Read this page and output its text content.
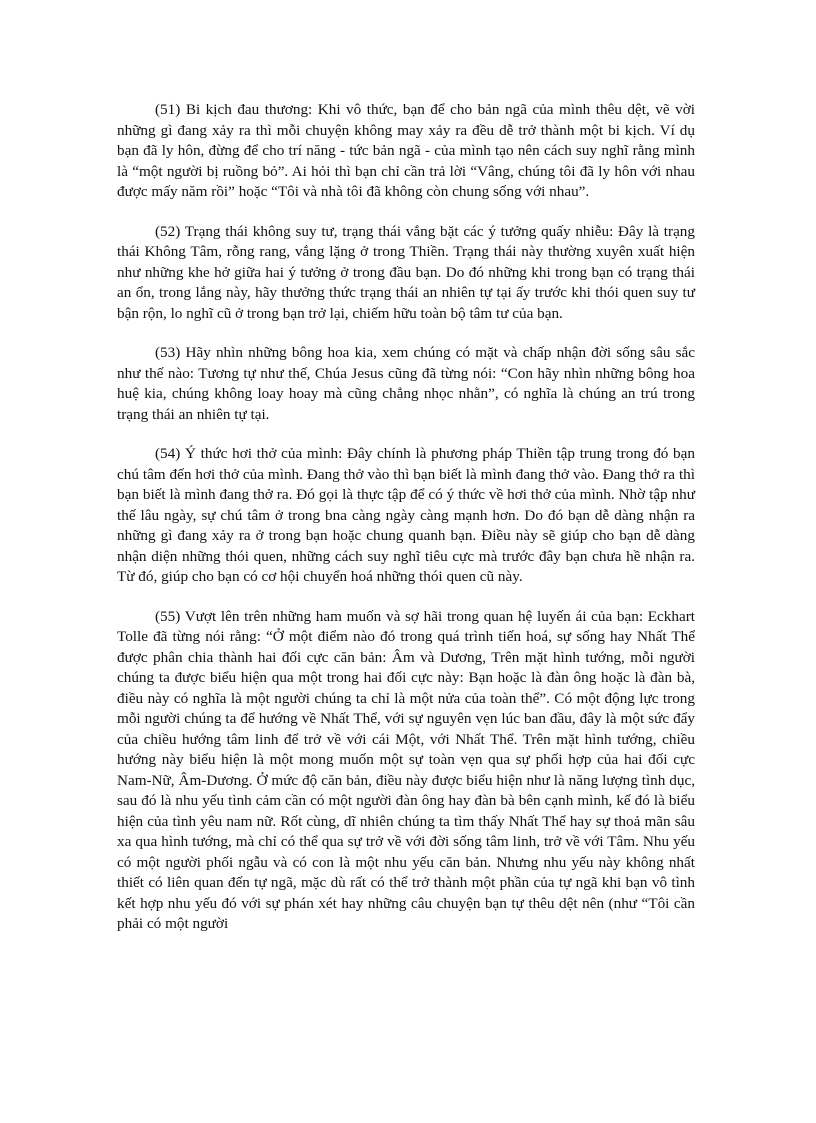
(51) Bi kịch đau thương: Khi vô thức, bạn để cho bản ngã của mình thêu dệt, vẽ vời những gì đang xảy ra thì mỗi chuyện không may xảy ra đều dễ trở thành một bi kịch. Ví dụ bạn đã ly hôn, đừng để cho trí năng - tức bản ngã - của mình tạo nên cách suy nghĩ rằng mình là “một người bị ruồng bỏ”. Ai hỏi thì bạn chỉ cần trả lời “Vâng, chúng tôi đã ly hôn với nhau được mấy năm rồi” hoặc “Tôi và nhà tôi đã không còn chung sống với nhau”.

(52) Trạng thái không suy tư, trạng thái vắng bặt các ý tưởng quấy nhiễu: Đây là trạng thái Không Tâm, rỗng rang, vắng lặng ở trong Thiền. Trạng thái này thường xuyên xuất hiện như những khe hở giữa hai ý tưởng ở trong đầu bạn. Do đó những khi trong bạn có trạng thái an ổn, trong lắng này, hãy thưởng thức trạng thái an nhiên tự tại ấy trước khi thói quen suy tư bận rộn, lo nghĩ cũ ở trong bạn trở lại, chiếm hữu toàn bộ tâm tư của bạn.

(53) Hãy nhìn những bông hoa kia, xem chúng có mặt và chấp nhận đời sống sâu sắc như thế nào: Tương tự như thế, Chúa Jesus cũng đã từng nói: “Con hãy nhìn những bông hoa huệ kia, chúng không loay hoay mà cũng chẳng nhọc nhằn”, có nghĩa là chúng an trú trong trạng thái an nhiên tự tại.

(54) Ý thức hơi thở của mình: Đây chính là phương pháp Thiền tập trung trong đó bạn chú tâm đến hơi thở của mình. Đang thở vào thì bạn biết là mình đang thở vào. Đang thở ra thì bạn biết là mình đang thở ra. Đó gọi là thực tập để có ý thức về hơi thở của mình. Nhờ tập như thế lâu ngày, sự chú tâm ở trong bna càng ngày càng mạnh hơn. Do đó bạn dễ dàng nhận ra những gì đang xảy ra ở trong bạn hoặc chung quanh bạn. Điều này sẽ giúp cho bạn dễ dàng nhận diện những thói quen, những cách suy nghĩ tiêu cực mà trước đây bạn chưa hề nhận ra. Từ đó, giúp cho bạn có cơ hội chuyển hoá những thói quen cũ này.

(55) Vượt lên trên những ham muốn và sợ hãi trong quan hệ luyến ái của bạn: Eckhart Tolle đã từng nói rằng: “Ở một điểm nào đó trong quá trình tiến hoá, sự sống hay Nhất Thể được phân chia thành hai đối cực căn bản: Âm và Dương, Trên mặt hình tướng, mỗi người chúng ta được biểu hiện qua một trong hai đối cực này: Bạn hoặc là đàn ông hoặc là đàn bà, điều này có nghĩa là một người chúng ta chỉ là một nửa của toàn thể”. Có một động lực trong mỗi người chúng ta để hướng về Nhất Thể, với sự nguyên vẹn lúc ban đầu, đây là một sức đẩy của chiều hướng tâm linh để trở về với cái Một, với Nhất Thể. Trên mặt hình tướng, chiều hướng này biểu hiện là một mong muốn một sự toàn vẹn qua sự phối hợp của hai đối cực Nam-Nữ, Âm-Dương. Ở mức độ căn bản, điều này được biểu hiện như là năng lượng tình dục, sau đó là nhu yếu tình cảm cần có một người đàn ông hay đàn bà bên cạnh mình, kế đó là biểu hiện của tình yêu nam nữ. Rốt cùng, dĩ nhiên chúng ta tìm thấy Nhất Thể hay sự thoả mãn sâu xa qua hình tướng, mà chỉ có thể qua sự trở về với đời sống tâm linh, trở về với Tâm. Nhu yếu có một người phối ngẫu và có con là một nhu yếu căn bản. Nhưng nhu yếu này không nhất thiết có liên quan đến tự ngã, mặc dù rất có thể trở thành một phần của tự ngã khi bạn vô tình kết hợp nhu yếu đó với sự phán xét hay những câu chuyện bạn tự thêu dệt nên (như “Tôi cần phải có một người
